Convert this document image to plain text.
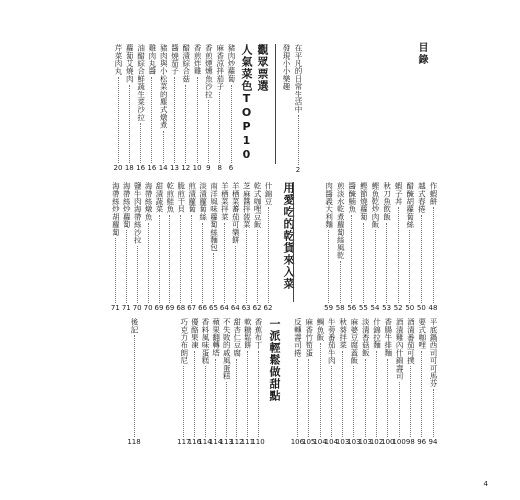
目錄
在平凡的日常生活中
2
發現小小樂趣
觀眾票選
人氣菜色TOP10
用愛吃的乾貨來入菜
一派輕鬆做甜點
豬肉炒蘿蔔
6
麻香涼拌茄子
8
香煎煙燻魚沙拉
9
香煎炸雞
10
醋漬綜合菇
12
醬燒茄子
13
豬肉與小松菜的塵式燉煮
14
雞肉丸醬
16
油醋綜合鮮蔬生菜沙拉
16
蘿蔔艾燒肉
18
芹菜肉丸
20
作蝦餅
48
越式春捲
50
醋醃胡蘿蔔絲
50
蝦子丼
52
秋刀魚飲飯
53
鰹魚乾炒肉飯
54
鰹節燒蘿蔔
55
醬醃鮪魚
56
煎淡水乾煮蘿蔔絲風乾
58
肉醬義大利麵
59
什錦豆
62
乾式咖哩豆飯
62
芝麻醬拌菠菜
63
羊栖菜蕃茄可樂餅
64
羊栖菜拌菜
64
南洋風味蘿蔔絲麵包
65
淡漬蘿蔔絲
66
煎漬蘿蔔
67
脆煎干貝
68
乾煎鮭魚
69
甜漬蔬菜
69
海帶絲燉魚
70
鹽牛肉海帶絲沙拉
70
海帶絲炒蘿蔔
71
海帶絲炒胡蘿蔔
71
平底鍋西司可可馬芬
94
要式咖哩
96
酒漬番茄可撲
98
酒漬雞內什錦壽司
100
香腸牛排麵
100
什錦拉麵
102
淡漬香菇飯
103
麻婆豆腐蓋飯
103
秋葵拌菜
103
牛蒡番茄牛肉
104
鯛魚飯
104
麻香竹筍蛋
105
反轉壽司捲
106
香蕉布丁
110
軟糖鬆餅
111
甜杏仁豆腐
112
不失敗的戚風蛋糕
113
蘋果翻轉塔
114
香料風味蛋糕
114
優酪果凍
116
巧克力布朗尼
117
後記
118
4
